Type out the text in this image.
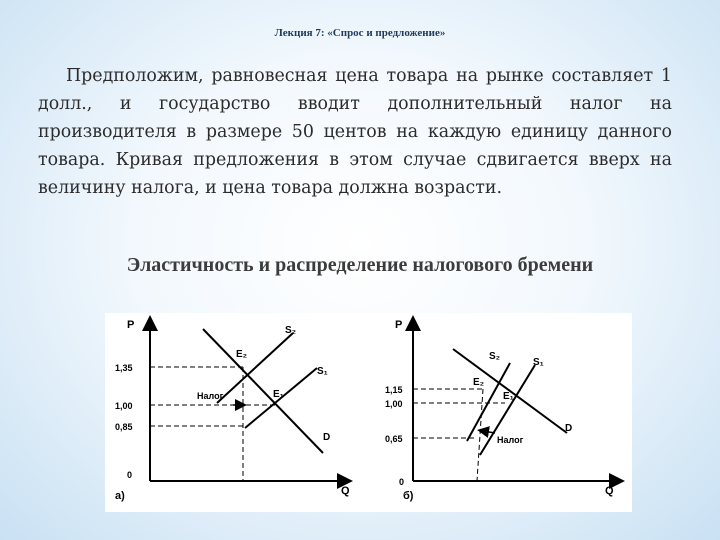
Лекция 7: «Спрос и предложение»

Предположим, равновесная цена товара на рынке составляет 1 долл., и государство вводит дополнительный налог на производителя в размере 50 центов на каждую единицу данного товара. Кривая предложения в этом случае сдвигается вверх на величину налога, и цена товара должна возрасти.

Эластичность и распределение налогового бремени
P
Q
0
а)
1,35
1,00
0,85
S₂
S₁
D
E₂
E₁
Налог
P
Q
0
б)
1,15
1,00
0,65
S₂
S₁
D
E₂
E₁
Налог
